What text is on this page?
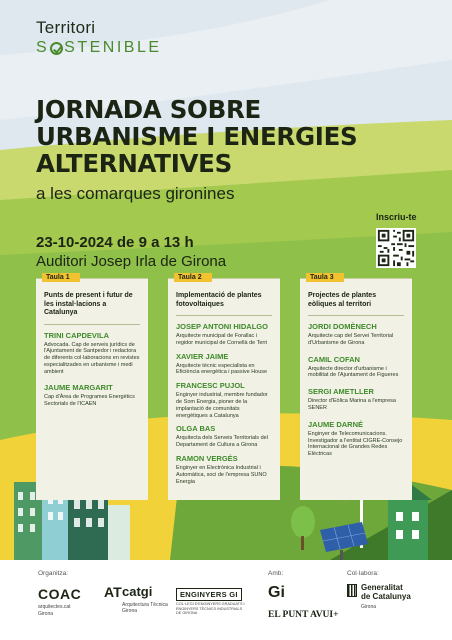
Territori
S STENIBLE
JORNADA SOBRE URBANISME I ENERGIES ALTERNATIVES
a les comarques gironines
23-10-2024 de 9 a 13 h
Auditori Josep Irla de Girona
Inscriu-te
Taula 1
Punts de present i futur de les instal·lacions a Catalunya
TRINI CAPDEVILA
Advocada. Cap de serveis jurídics de l'Ajuntament de Santpedor i redactora de diferents col·laboracions en revistes especialitzades en urbanisme i medi ambient
JAUME MARGARIT
Cap d'Àrea de Programes Energètics Sectorials de l'ICAEN
Taula 2
Implementació de plantes fotovoltaiques
JOSEP ANTONI HIDALGO
Arquitecte municipal de Forallac i regidor municipal de Cornellà de Terri
XAVIER JAIME
Arquitecte tècnic especialista en Eficiència energètica i passive House
FRANCESC PUJOL
Enginyer industrial, membre fundador de Som Energia, pioner de la implantació de comunitats energètiques a Catalunya
OLGA BAS
Arquitecta dels Serveis Territorials del Departament de Cultura a Girona
RAMON VERGÉS
Enginyer en Electrònica Industrial i Automàtica, soci de l'empresa SUNO Energia
Taula 3
Projectes de plantes eòliques al territori
JORDI DOMÈNECH
Arquitecte cap del Servei Territorial d'Urbanisme de Girona
CAMIL COFAN
Arquitecte director d'urbanisme i mobilitat de l'Ajuntament de Figueres
SERGI AMETLLER
Director d'Eòlica Marina a l'empresa SENER
JAUME DARNÉ
Enginyer de Telecomunicacions. Investigador a l'entitat CIGRE-Consejo Internacional de Grandes Redes Eléctricas
Organitza:	Amb:	Col·labora:
COAC
arquitectes.cat
Girona
AT catgi
Arquitectura Tècnica
Girona
ENGINYERS GI
COL·LEGI D'ENGINYERS GRADUATS I ENGINYERS TÈCNICS INDUSTRIALS DE GIRONA
Gi
EL PUNT AVUI+
Generalitat
de Catalunya
Girona
